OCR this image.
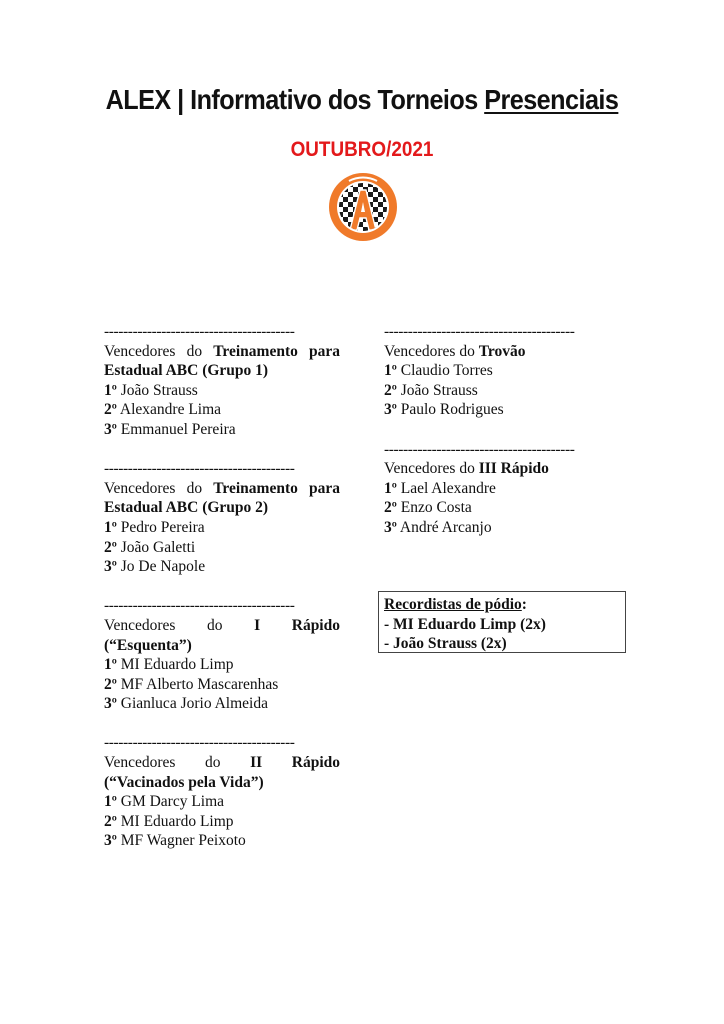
ALEX | Informativo dos Torneios Presenciais
OUTUBRO/2021
----------------------------------------
Vencedores do Treinamento para Estadual ABC (Grupo 1)
1º João Strauss
2º Alexandre Lima
3º Emmanuel Pereira
----------------------------------------
Vencedores do Treinamento para Estadual ABC (Grupo 2)
1º Pedro Pereira
2º João Galetti
3º Jo De Napole
----------------------------------------
Vencedores do I Rápido (“Esquenta”)
1º MI Eduardo Limp
2º MF Alberto Mascarenhas
3º Gianluca Jorio Almeida
----------------------------------------
Vencedores do II Rápido (“Vacinados pela Vida”)
1º GM Darcy Lima
2º MI Eduardo Limp
3º MF Wagner Peixoto
----------------------------------------
Vencedores do Trovão
1º Claudio Torres
2º João Strauss
3º Paulo Rodrigues
----------------------------------------
Vencedores do III Rápido
1º Lael Alexandre
2º Enzo Costa
3º André Arcanjo
Recordistas de pódio:
- MI Eduardo Limp (2x)
- João Strauss (2x)
